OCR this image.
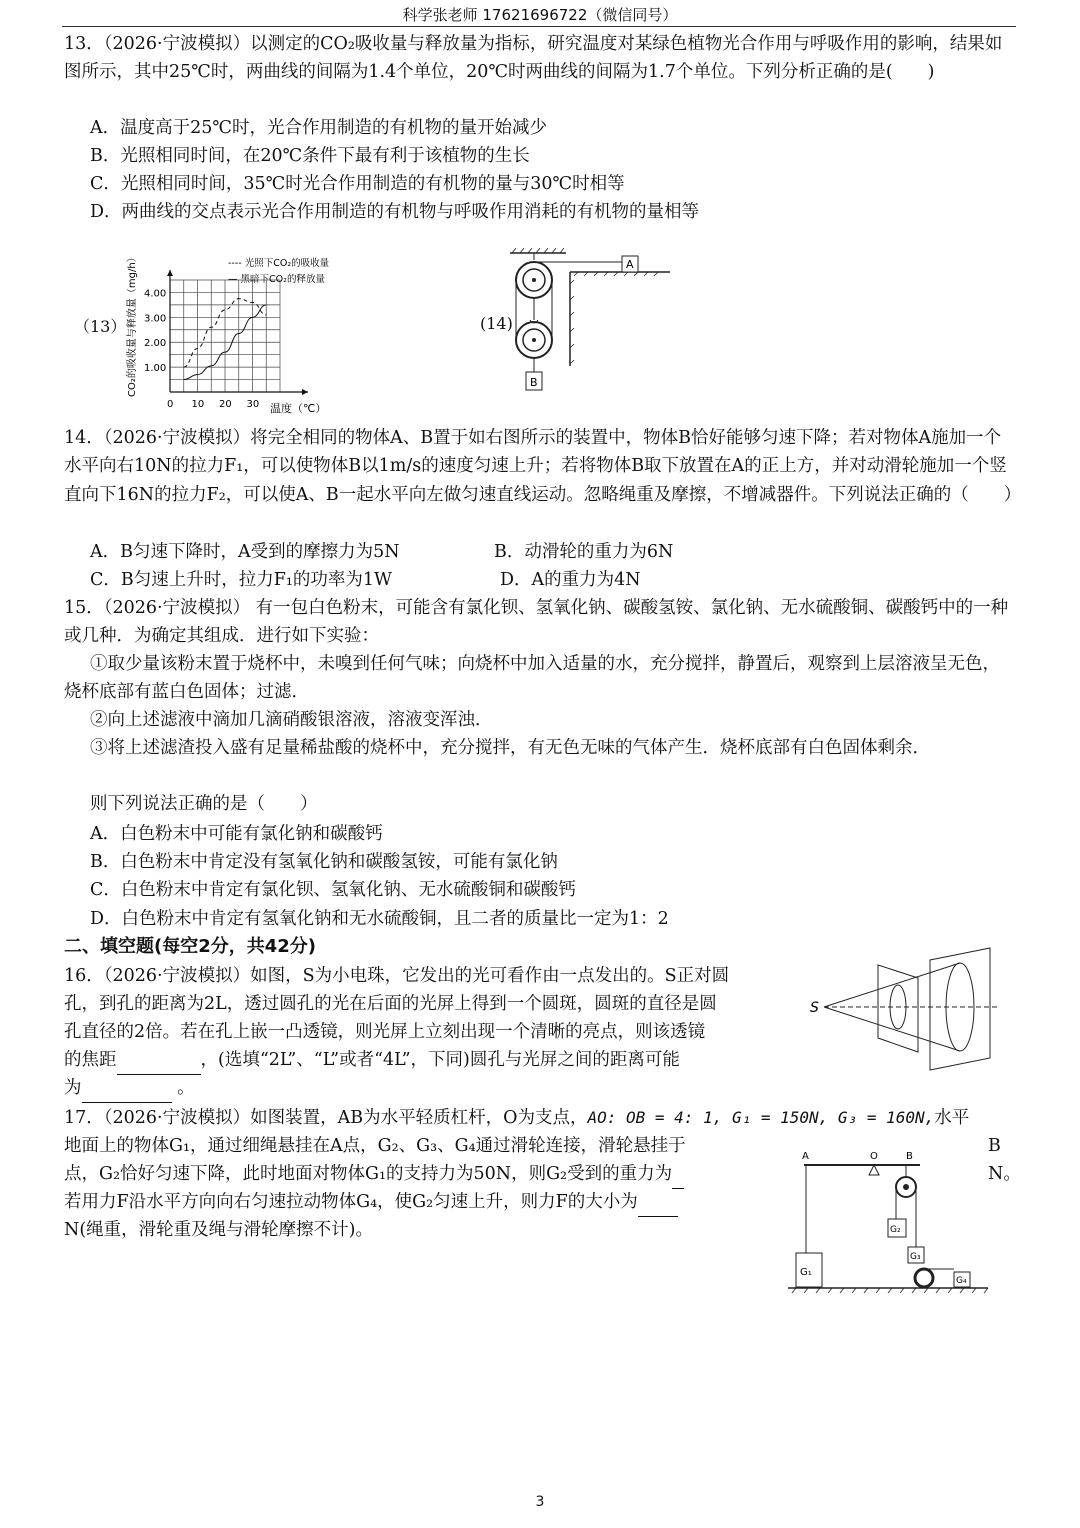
科学张老师 17621696722（微信同号）

13．（2026·宁波模拟）以测定的CO₂吸收量与释放量为指标，研究温度对某绿色植物光合作用与呼吸作用的影响，结果如图所示，其中25℃时，两曲线的间隔为1.4个单位，20℃时两曲线的间隔为1.7个单位。下列分析正确的是(　　)

A．温度高于25℃时，光合作用制造的有机物的量开始减少

B．光照相同时间，在20℃条件下最有利于该植物的生长

C．光照相同时间，35℃时光合作用制造的有机物的量与30℃时相等

D．两曲线的交点表示光合作用制造的有机物与呼吸作用消耗的有机物的量相等

（13）
0 10 20 30
1.00
2.00
3.00
4.00
CO₂的吸收量与释放量（mg/h）
温度（℃）
---- 光照下CO₂的吸收量
— 黑暗下CO₂的释放量
(14)
B
A

14．（2026·宁波模拟）将完全相同的物体A、B置于如右图所示的装置中，物体B恰好能够匀速下降；若对物体A施加一个水平向右10N的拉力F₁，可以使物体B以1m/s的速度匀速上升；若将物体B取下放置在A的正上方，并对动滑轮施加一个竖直向下16N的拉力F₂，可以使A、B一起水平向左做匀速直线运动。忽略绳重及摩擦，不增减器件。下列说法正确的（　　）

A．B匀速下降时，A受到的摩擦力为5N	B．动滑轮的重力为6N

C．B匀速上升时，拉力F₁的功率为1W	D．A的重力为4N

15．（2026·宁波模拟） 有一包白色粉末，可能含有氯化钡、氢氧化钠、碳酸氢铵、氯化钠、无水硫酸铜、碳酸钙中的一种或几种．为确定其组成．进行如下实验：

①取少量该粉末置于烧杯中，未嗅到任何气味；向烧杯中加入适量的水，充分搅拌，静置后，观察到上层溶液呈无色，烧杯底部有蓝白色固体；过滤．

②向上述滤液中滴加几滴硝酸银溶液，溶液变浑浊．

③将上述滤渣投入盛有足量稀盐酸的烧杯中，充分搅拌，有无色无味的气体产生．烧杯底部有白色固体剩余．

则下列说法正确的是（　　）

A．白色粉末中可能有氯化钠和碳酸钙

B．白色粉末中肯定没有氢氧化钠和碳酸氢铵，可能有氯化钠

C．白色粉末中肯定有氯化钡、氢氧化钠、无水硫酸铜和碳酸钙

D．白色粉末中肯定有氢氧化钠和无水硫酸铜，且二者的质量比一定为1：2

二、填空题(每空2分，共42分)

16．（2026·宁波模拟）如图，S为小电珠，它发出的光可看作由一点发出的。S正对圆

孔，到孔的距离为2L，透过圆孔的光在后面的光屏上得到一个圆斑，圆斑的直径是圆

孔直径的2倍。若在孔上嵌一凸透镜，则光屏上立刻出现一个清晰的亮点，则该透镜

的焦距	，(选填“2L”、“L”或者“4L”，下同)圆孔与光屏之间的距离可能

为	。

S

17．（2026·宁波模拟）如图装置，AB为水平轻质杠杆，O为支点，AO: OB = 4: 1, G₁ = 150N, G₃ = 160N,水平

地面上的物体G₁，通过细绳悬挂在A点，G₂、G₃、G₄通过滑轮连接，滑轮悬挂于	B

点，G₂恰好匀速下降，此时地面对物体G₁的支持力为50N，则G₂受到的重力为	N。

若用力F沿水平方向向右匀速拉动物体G₄，使G₂匀速上升，则力F的大小为

N(绳重，滑轮重及绳与滑轮摩擦不计)。

A	O	B
G₁
G₂
G₃
G₄
3
